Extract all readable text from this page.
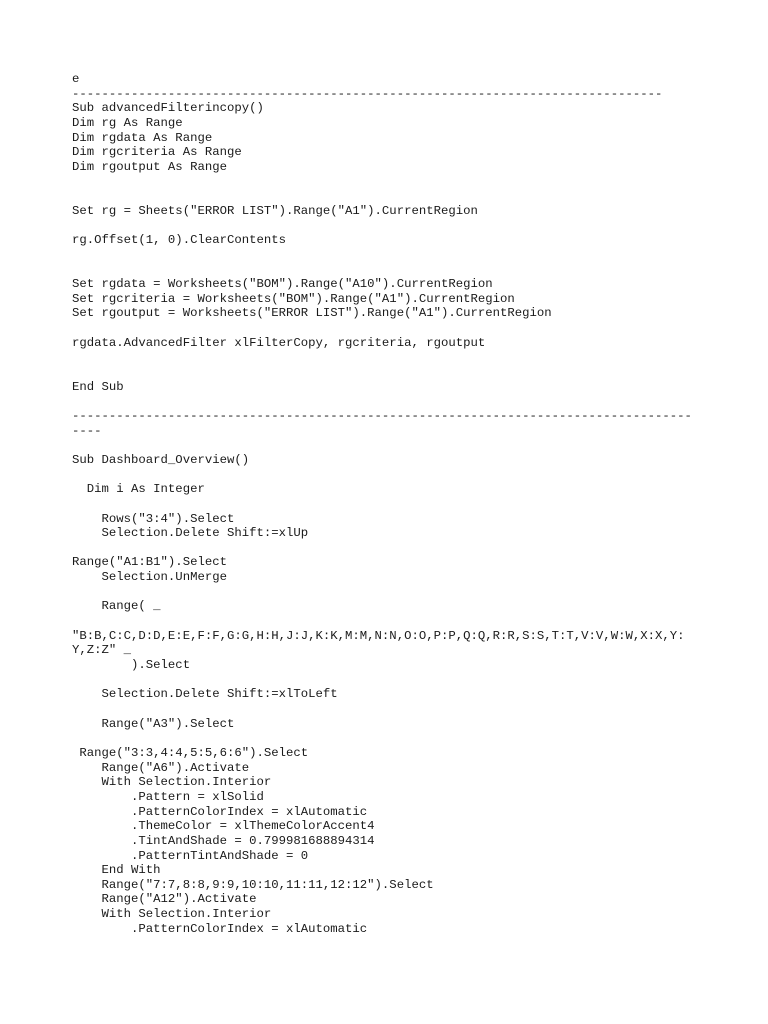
e
--------------------------------------------------------------------------------
Sub advancedFilterincopy()
Dim rg As Range
Dim rgdata As Range
Dim rgcriteria As Range
Dim rgoutput As Range
Set rg = Sheets("ERROR LIST").Range("A1").CurrentRegion
rg.Offset(1, 0).ClearContents
Set rgdata = Worksheets("BOM").Range("A10").CurrentRegion
Set rgcriteria = Worksheets("BOM").Range("A1").CurrentRegion
Set rgoutput = Worksheets("ERROR LIST").Range("A1").CurrentRegion
rgdata.AdvancedFilter xlFilterCopy, rgcriteria, rgoutput
End Sub
------------------------------------------------------------------------------------
----
Sub Dashboard_Overview()
Dim i As Integer
Rows("3:4").Select
Selection.Delete Shift:=xlUp
Range("A1:B1").Select
Selection.UnMerge
Range( _
"B:B,C:C,D:D,E:E,F:F,G:G,H:H,J:J,K:K,M:M,N:N,O:O,P:P,Q:Q,R:R,S:S,T:T,V:V,W:W,X:X,Y:
Y,Z:Z" _
).Select
Selection.Delete Shift:=xlToLeft
Range("A3").Select
Range("3:3,4:4,5:5,6:6").Select
Range("A6").Activate
With Selection.Interior
.Pattern = xlSolid
.PatternColorIndex = xlAutomatic
.ThemeColor = xlThemeColorAccent4
.TintAndShade = 0.799981688894314
.PatternTintAndShade = 0
End With
Range("7:7,8:8,9:9,10:10,11:11,12:12").Select
Range("A12").Activate
With Selection.Interior
.PatternColorIndex = xlAutomatic
